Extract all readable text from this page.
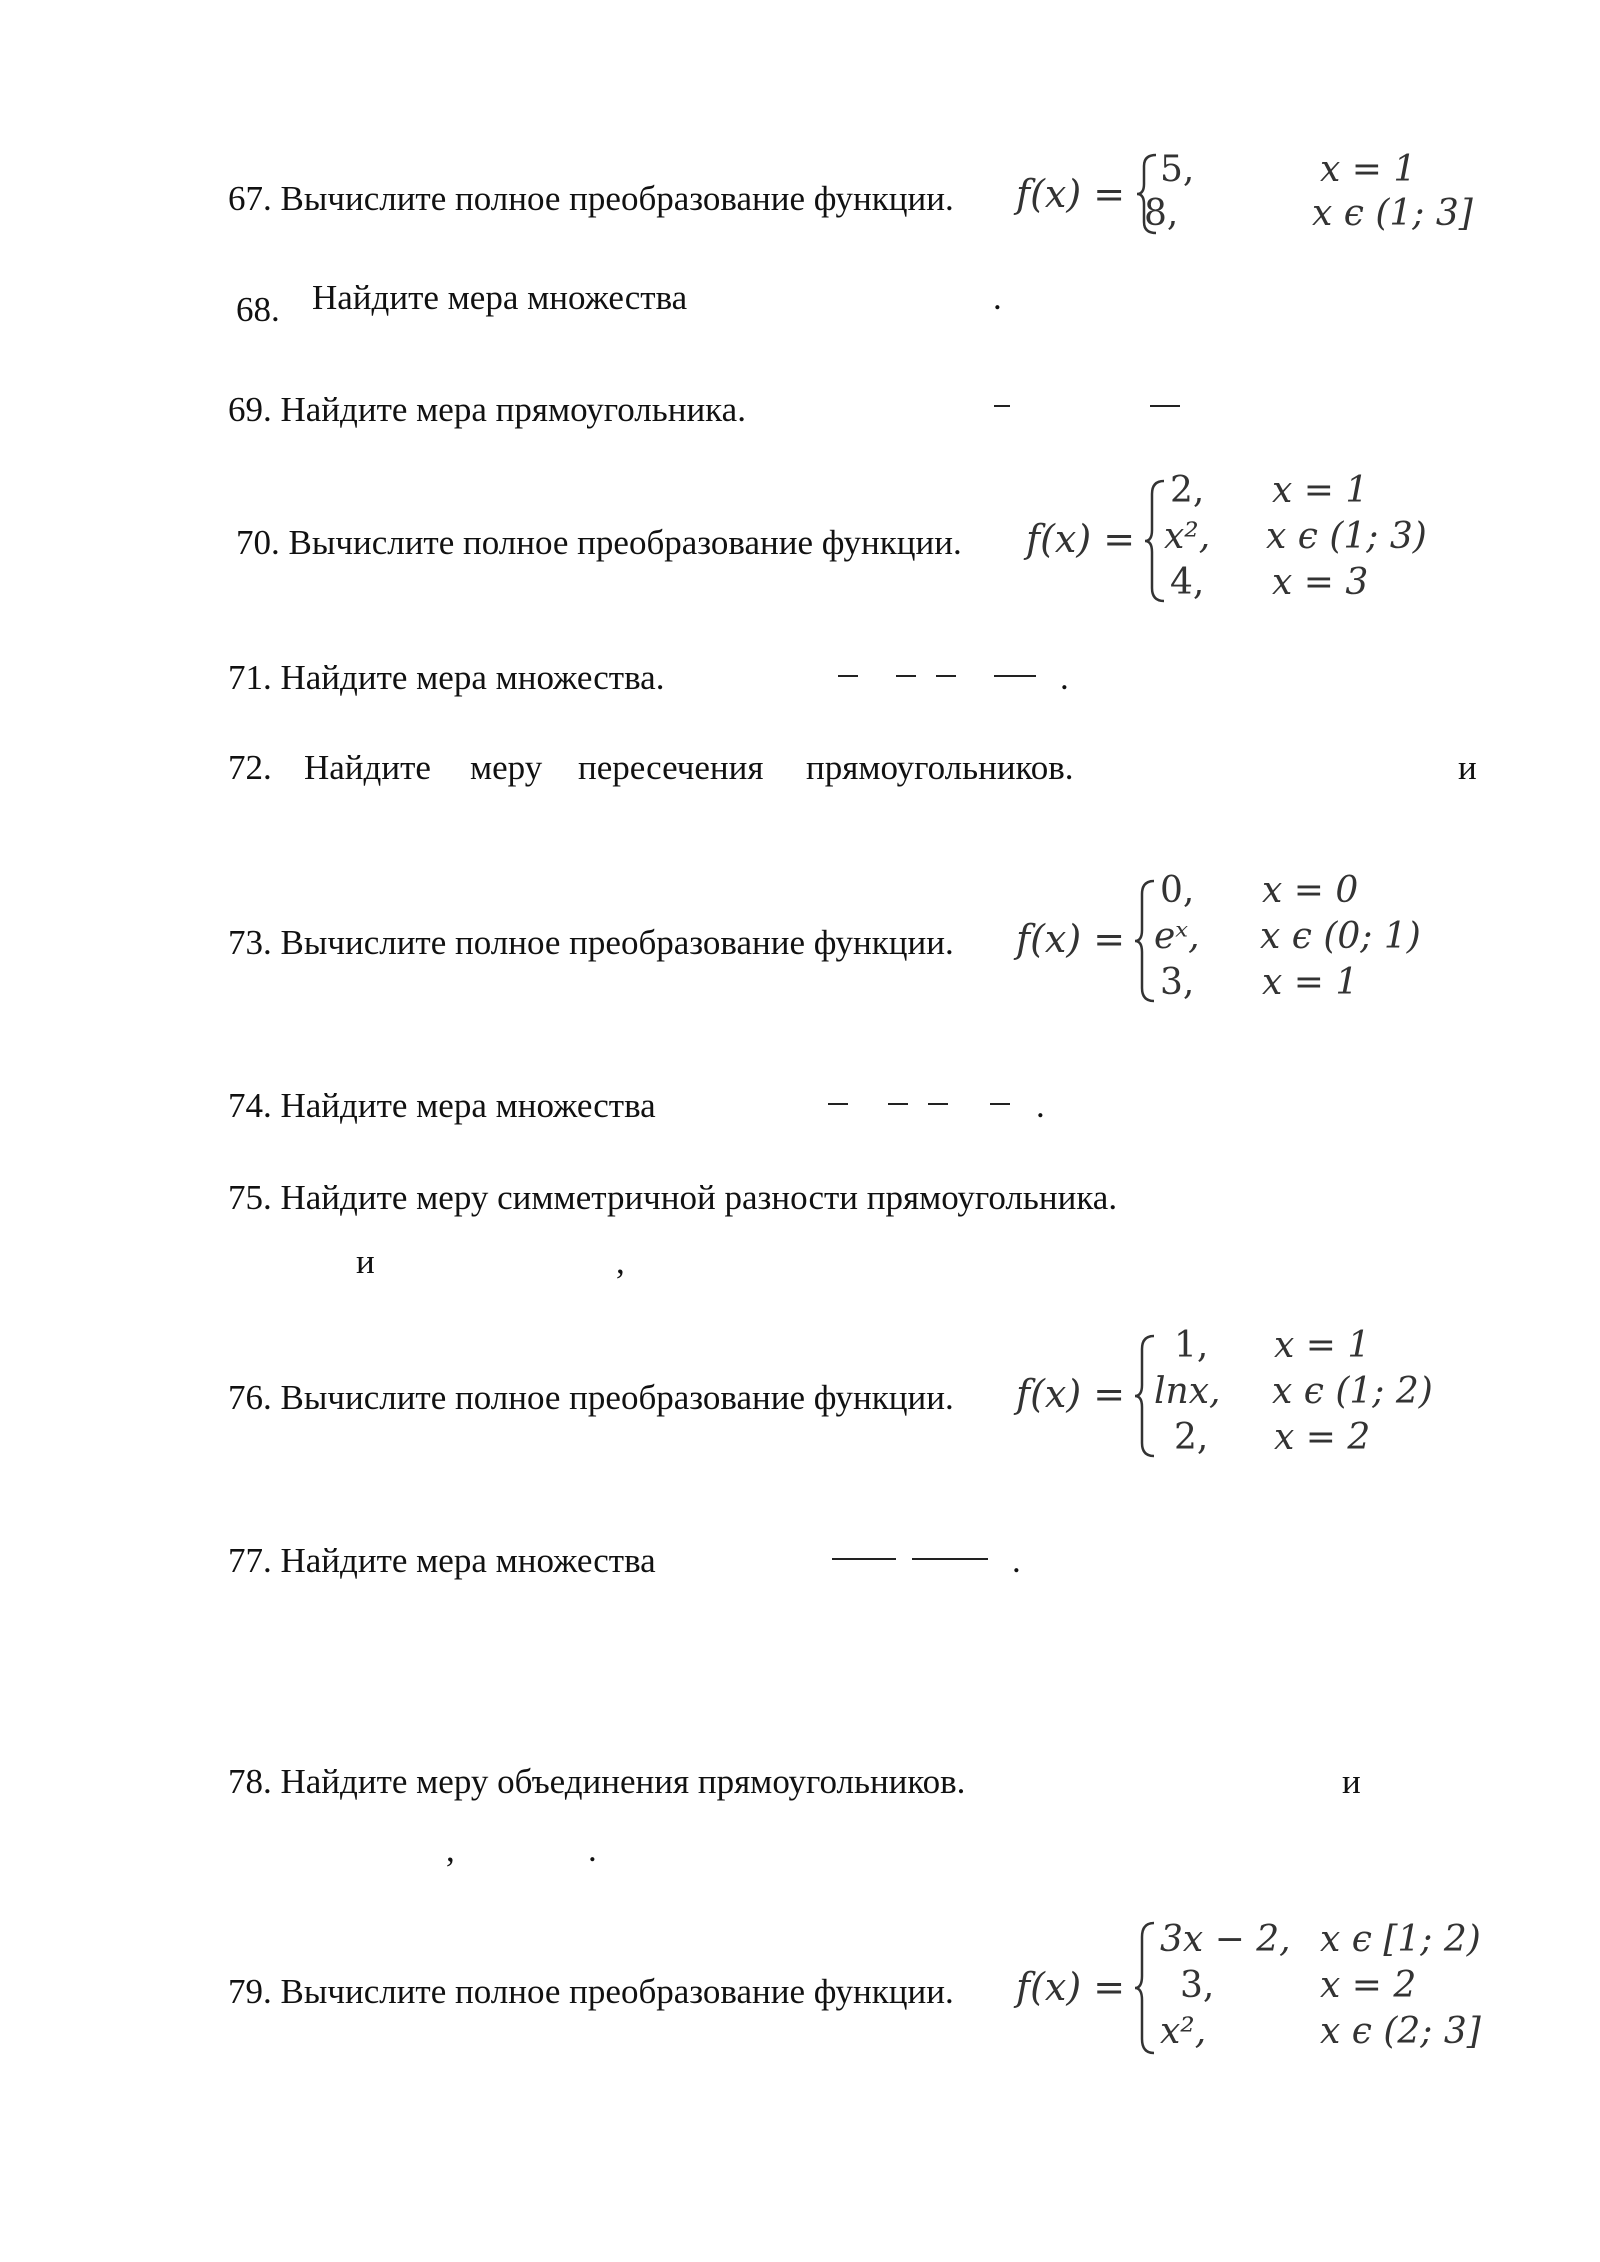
67. Вычислите полное преобразование функции. f(x) =
5,	x = 1
8,	x ϵ (1; 3]
68. Найдите мера множества	.
69. Найдите мера прямоугольника.
70. Вычислите полное преобразование функции. f(x) =
2, x = 1
x², x ϵ (1; 3)
4, x = 3
71. Найдите мера множества.	.
72. Найдите меру пересечения прямоугольников.	и
73. Вычислите полное преобразование функции. f(x) =
0, x = 0
eˣ, x ϵ (0; 1)
3, x = 1
74. Найдите мера множества	.
75. Найдите меру симметричной разности прямоугольника.
и	,
76. Вычислите полное преобразование функции. f(x) =
1, x = 1
lnx, x ϵ (1; 2)
2, x = 2
77. Найдите мера множества	.
78. Найдите меру объединения прямоугольников.	и
,	.
79. Вычислите полное преобразование функции. f(x) =
3x − 2, x ϵ [1; 2)
3,	x = 2
x²,	x ϵ (2; 3]
